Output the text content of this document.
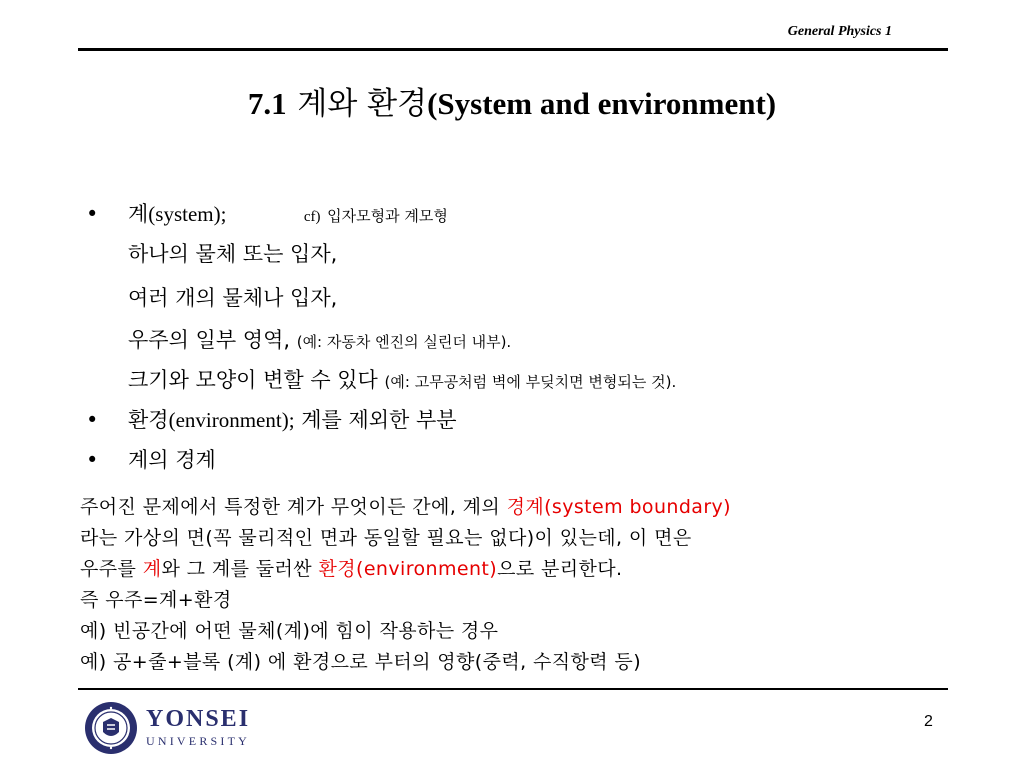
General Physics 1
7.1 계와 환경(System and environment)
• 계(system);	cf) 입자모형과 계모형
하나의 물체 또는 입자,
여러 개의 물체나 입자,
우주의 일부 영역, (예: 자동차 엔진의 실린더 내부).
크기와 모양이 변할 수 있다 (예: 고무공처럼 벽에 부딪치면 변형되는 것).
• 환경(environment); 계를 제외한 부분
• 계의 경계
주어진 문제에서 특정한 계가 무엇이든 간에, 계의 경계(system boundary)
라는 가상의 면(꼭 물리적인 면과 동일할 필요는 없다)이 있는데, 이 면은
우주를 계와 그 계를 둘러싼 환경(environment)으로 분리한다.
즉 우주=계+환경
예) 빈공간에 어떤 물체(계)에 힘이 작용하는 경우
예) 공+줄+블록 (계) 에 환경으로 부터의 영향(중력, 수직항력 등)
YONSEI
UNIVERSITY
2
